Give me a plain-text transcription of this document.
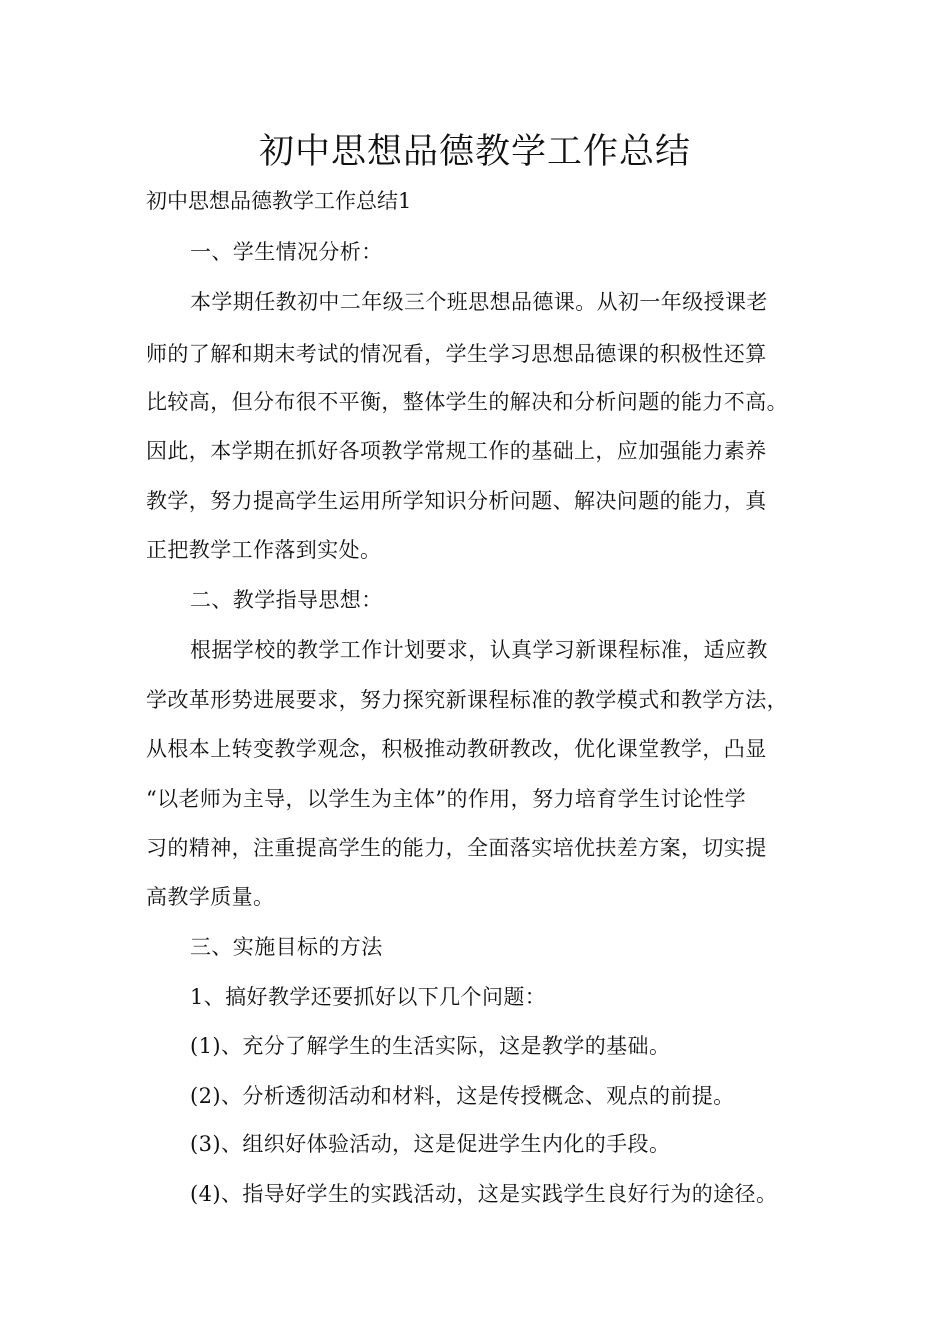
初中思想品德教学工作总结
初中思想品德教学工作总结1
一、学生情况分析：
本学期任教初中二年级三个班思想品德课。从初一年级授课老
师的了解和期末考试的情况看，学生学习思想品德课的积极性还算
比较高，但分布很不平衡，整体学生的解决和分析问题的能力不高。
因此，本学期在抓好各项教学常规工作的基础上，应加强能力素养
教学，努力提高学生运用所学知识分析问题、解决问题的能力，真
正把教学工作落到实处。
二、教学指导思想：
根据学校的教学工作计划要求，认真学习新课程标准，适应教
学改革形势进展要求，努力探究新课程标准的教学模式和教学方法，
从根本上转变教学观念，积极推动教研教改，优化课堂教学，凸显
“以老师为主导，以学生为主体”的作用，努力培育学生讨论性学
习的精神，注重提高学生的能力，全面落实培优扶差方案，切实提
高教学质量。
三、实施目标的方法
1、搞好教学还要抓好以下几个问题：
(1)、充分了解学生的生活实际，这是教学的基础。
(2)、分析透彻活动和材料，这是传授概念、观点的前提。
(3)、组织好体验活动，这是促进学生内化的手段。
(4)、指导好学生的实践活动，这是实践学生良好行为的途径。
